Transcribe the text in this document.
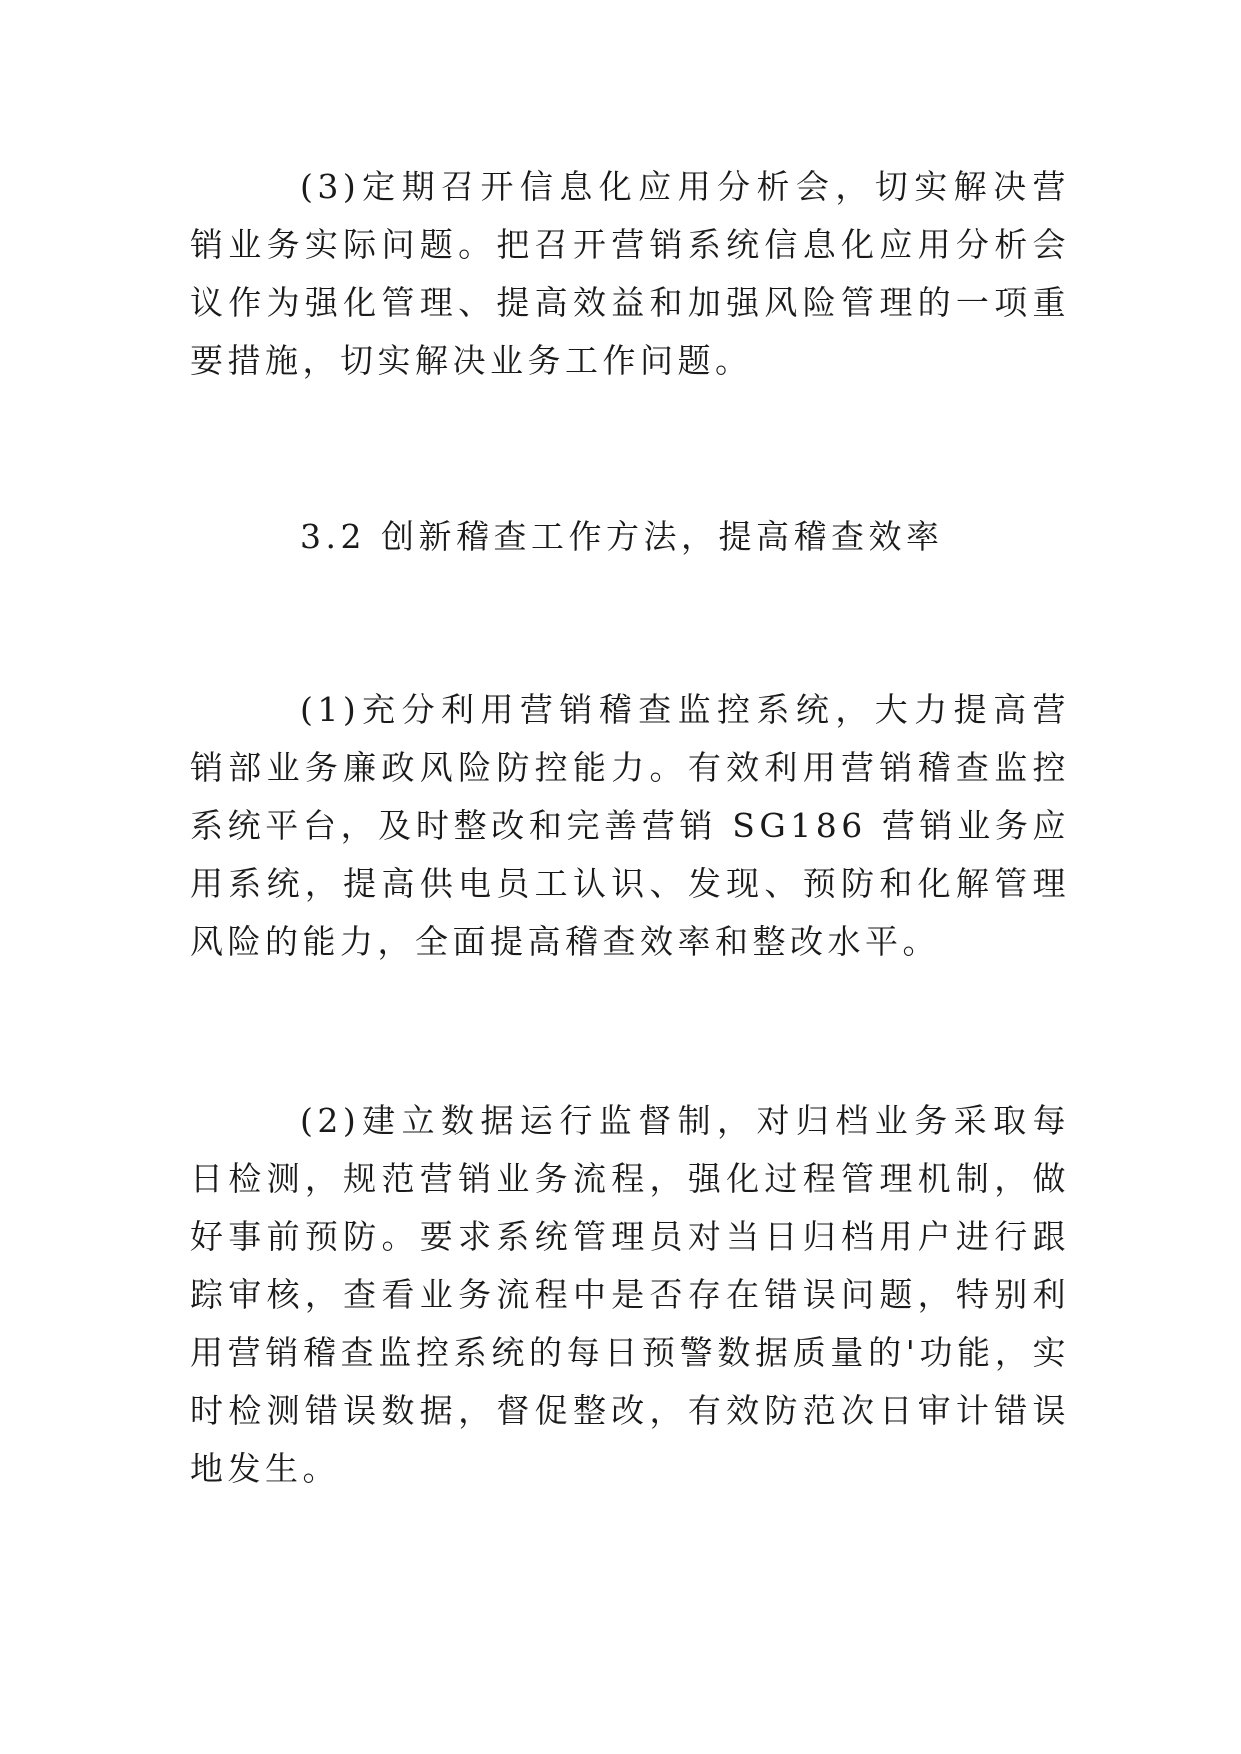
(3)定期召开信息化应用分析会，切实解决营销业务实际问题。把召开营销系统信息化应用分析会议作为强化管理、提高效益和加强风险管理的一项重要措施，切实解决业务工作问题。

3.2 创新稽查工作方法，提高稽查效率

(1)充分利用营销稽查监控系统，大力提高营销部业务廉政风险防控能力。有效利用营销稽查监控系统平台，及时整改和完善营销 SG186 营销业务应用系统，提高供电员工认识、发现、预防和化解管理风险的能力，全面提高稽查效率和整改水平。

(2)建立数据运行监督制，对归档业务采取每日检测，规范营销业务流程，强化过程管理机制，做好事前预防。要求系统管理员对当日归档用户进行跟踪审核，查看业务流程中是否存在错误问题，特别利用营销稽查监控系统的每日预警数据质量的'功能，实时检测错误数据，督促整改，有效防范次日审计错误地发生。
